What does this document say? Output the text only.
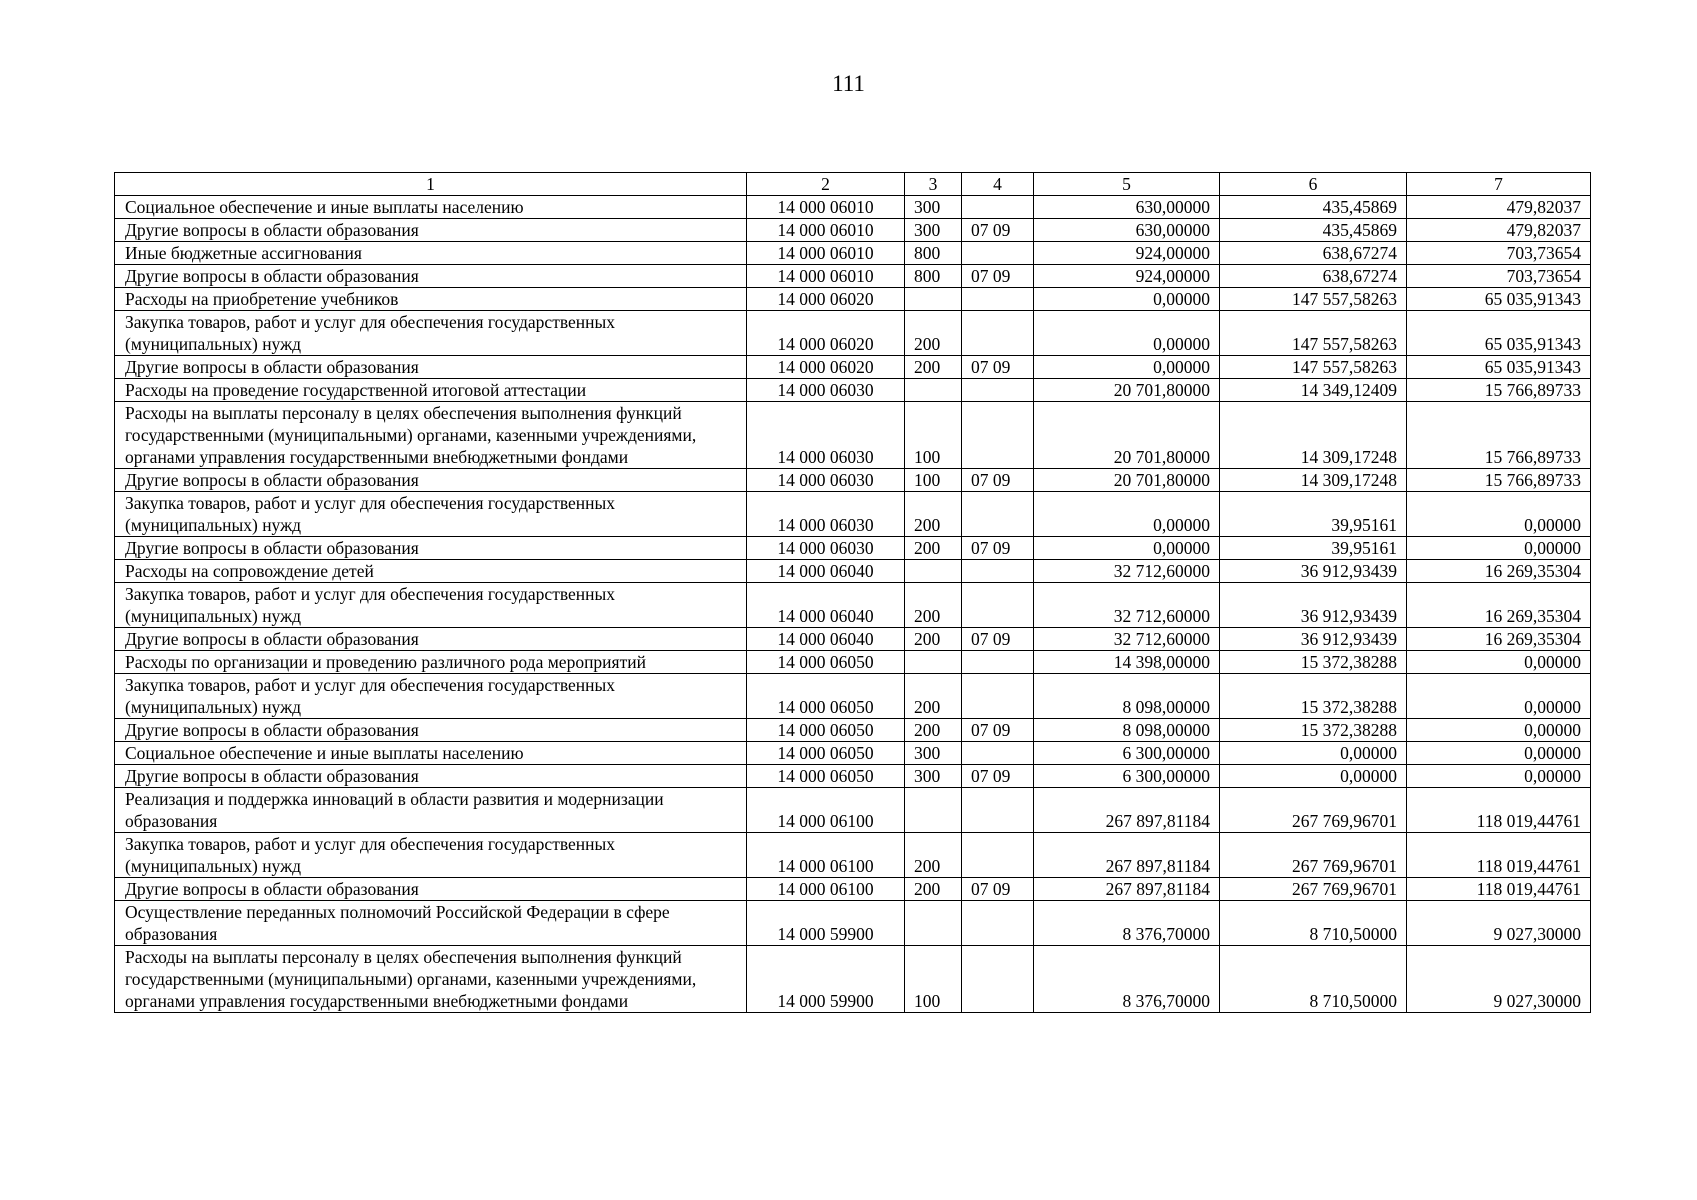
111
1	2	3	4	5	6	7
Социальное обеспечение и иные выплаты населению	14 000 06010	300		630,00000	435,45869	479,82037
Другие вопросы в области образования	14 000 06010	300	07 09	630,00000	435,45869	479,82037
Иные бюджетные ассигнования	14 000 06010	800		924,00000	638,67274	703,73654
Другие вопросы в области образования	14 000 06010	800	07 09	924,00000	638,67274	703,73654
Расходы на приобретение учебников	14 000 06020			0,00000	147 557,58263	65 035,91343
Закупка товаров, работ и услуг для обеспечения государственных (муниципальных) нужд	14 000 06020	200		0,00000	147 557,58263	65 035,91343
Другие вопросы в области образования	14 000 06020	200	07 09	0,00000	147 557,58263	65 035,91343
Расходы на проведение государственной итоговой аттестации	14 000 06030			20 701,80000	14 349,12409	15 766,89733
Расходы на выплаты персоналу в целях обеспечения выполнения функций государственными (муниципальными) органами, казенными учреждениями, органами управления государственными внебюджетными фондами	14 000 06030	100		20 701,80000	14 309,17248	15 766,89733
Другие вопросы в области образования	14 000 06030	100	07 09	20 701,80000	14 309,17248	15 766,89733
Закупка товаров, работ и услуг для обеспечения государственных (муниципальных) нужд	14 000 06030	200		0,00000	39,95161	0,00000
Другие вопросы в области образования	14 000 06030	200	07 09	0,00000	39,95161	0,00000
Расходы на сопровождение детей	14 000 06040			32 712,60000	36 912,93439	16 269,35304
Закупка товаров, работ и услуг для обеспечения государственных (муниципальных) нужд	14 000 06040	200		32 712,60000	36 912,93439	16 269,35304
Другие вопросы в области образования	14 000 06040	200	07 09	32 712,60000	36 912,93439	16 269,35304
Расходы по организации и проведению различного рода мероприятий	14 000 06050			14 398,00000	15 372,38288	0,00000
Закупка товаров, работ и услуг для обеспечения государственных (муниципальных) нужд	14 000 06050	200		8 098,00000	15 372,38288	0,00000
Другие вопросы в области образования	14 000 06050	200	07 09	8 098,00000	15 372,38288	0,00000
Социальное обеспечение и иные выплаты населению	14 000 06050	300		6 300,00000	0,00000	0,00000
Другие вопросы в области образования	14 000 06050	300	07 09	6 300,00000	0,00000	0,00000
Реализация и поддержка инноваций в области развития и модернизации образования	14 000 06100			267 897,81184	267 769,96701	118 019,44761
Закупка товаров, работ и услуг для обеспечения государственных (муниципальных) нужд	14 000 06100	200		267 897,81184	267 769,96701	118 019,44761
Другие вопросы в области образования	14 000 06100	200	07 09	267 897,81184	267 769,96701	118 019,44761
Осуществление переданных полномочий Российской Федерации в сфере образования	14 000 59900			8 376,70000	8 710,50000	9 027,30000
Расходы на выплаты персоналу в целях обеспечения выполнения функций государственными (муниципальными) органами, казенными учреждениями, органами управления государственными внебюджетными фондами	14 000 59900	100		8 376,70000	8 710,50000	9 027,30000
